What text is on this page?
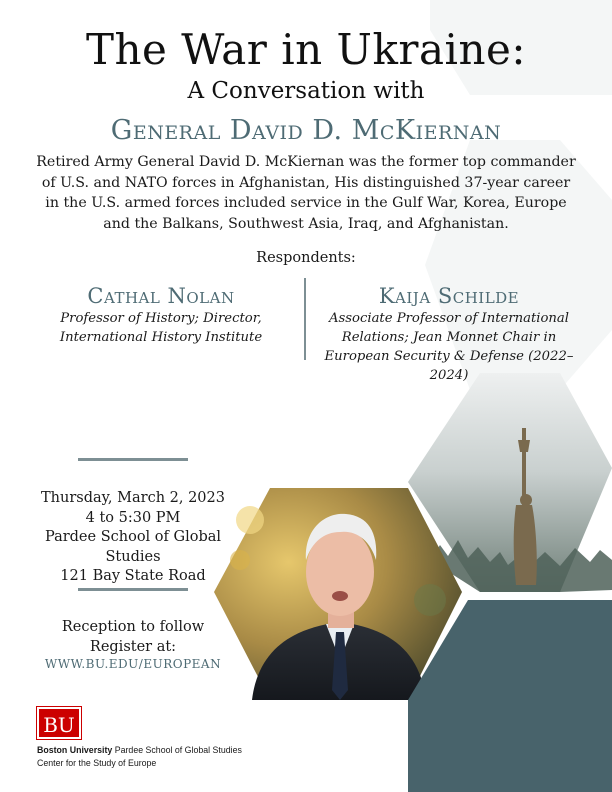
The War in Ukraine:
A Conversation with
General David D. McKiernan
Retired Army General David D. McKiernan was the former top commander of U.S. and NATO forces in Afghanistan, His distinguished 37-year career in the U.S. armed forces included service in the Gulf War, Korea, Europe and the Balkans, Southwest Asia, Iraq, and Afghanistan.
Respondents:
Cathal Nolan
Professor of History; Director, International History Institute
Kaija Schilde
Associate Professor of International Relations; Jean Monnet Chair in European Security & Defense (2022–2024)
Thursday, March 2, 2023
4 to 5:30 PM
Pardee School of Global Studies
121 Bay State Road
Reception to follow
Register at:
WWW.BU.EDU/EUROPEAN
BU
Boston University Pardee School of Global Studies
Center for the Study of Europe
